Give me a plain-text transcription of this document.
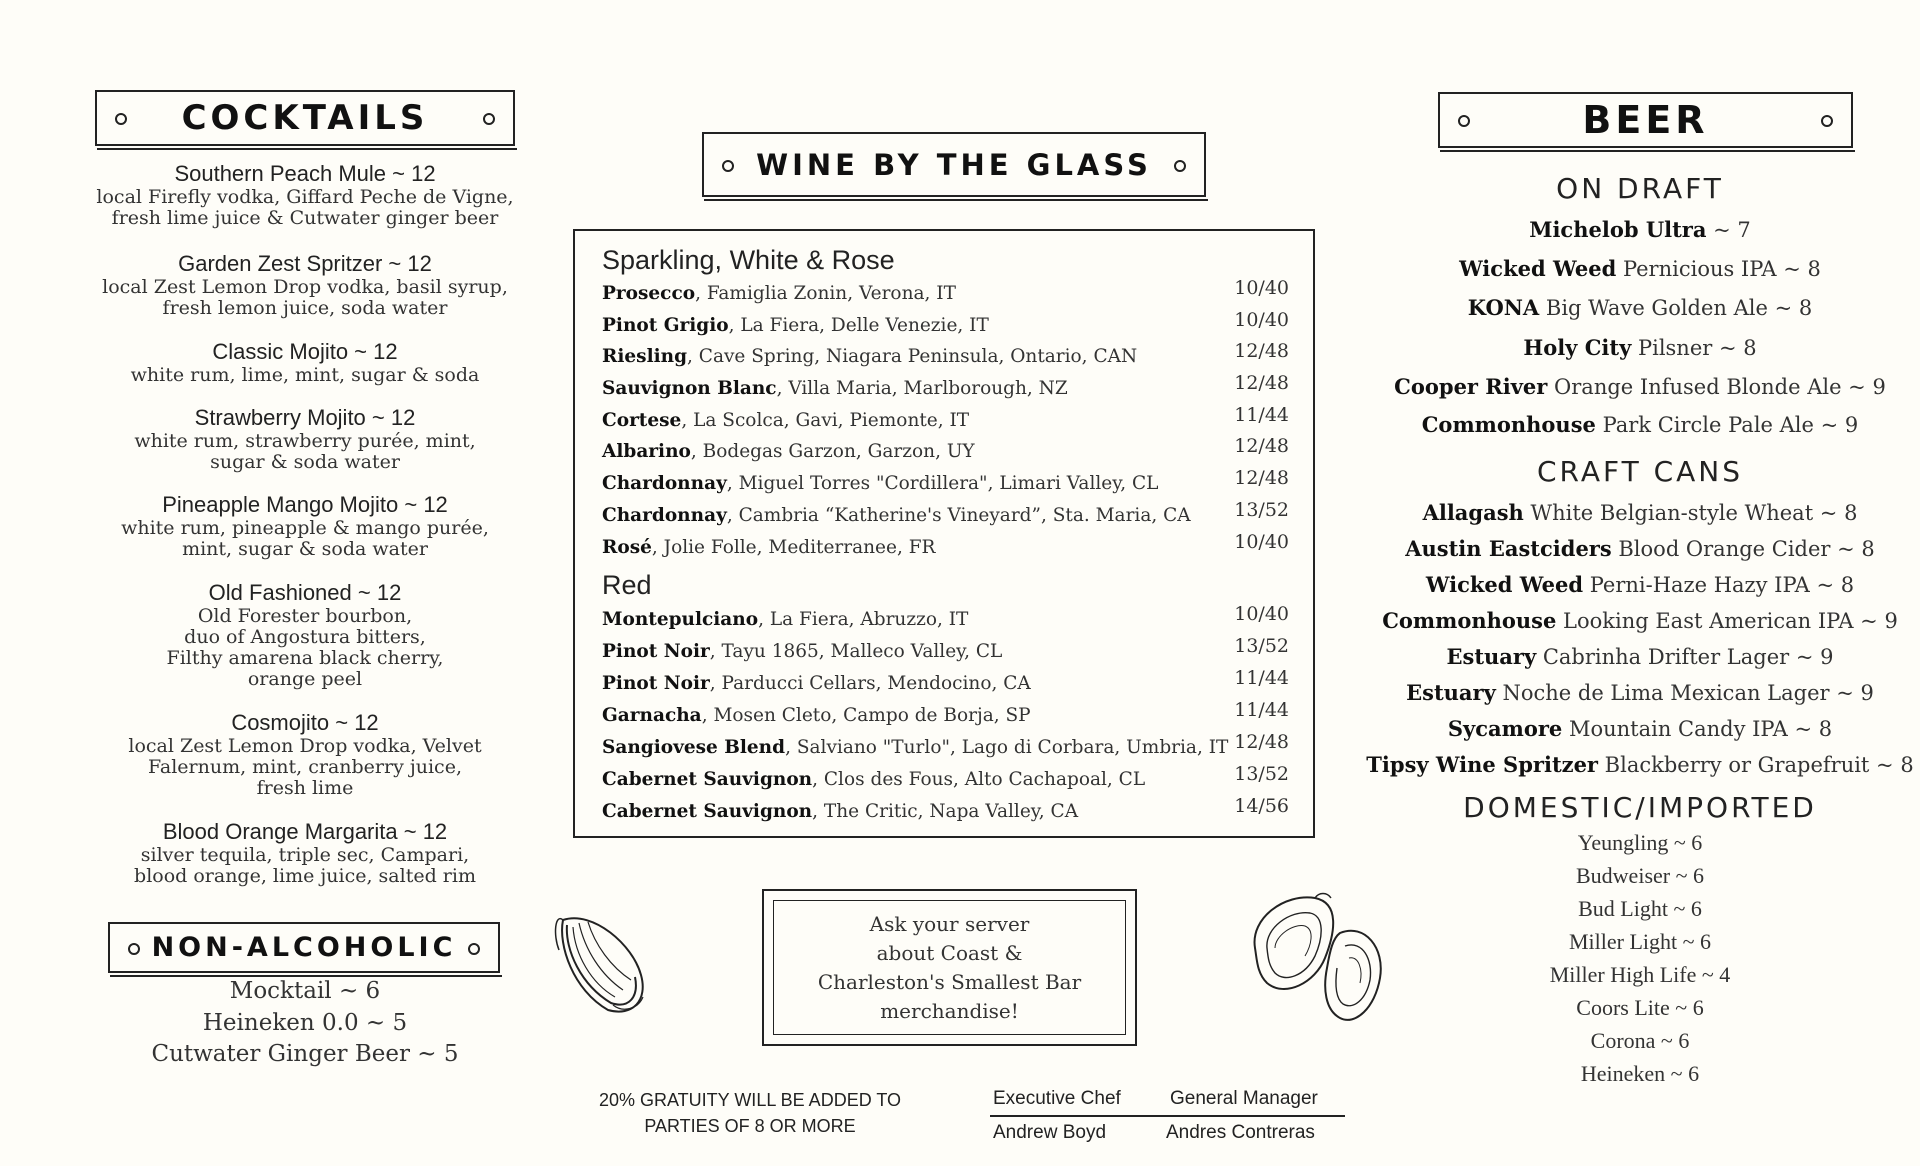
COCKTAILS
Southern Peach Mule ~ 12
local Firefly vodka, Giffard Peche de Vigne,
fresh lime juice & Cutwater ginger beer
Garden Zest Spritzer ~ 12
local Zest Lemon Drop vodka, basil syrup,
fresh lemon juice, soda water
Classic Mojito ~ 12
white rum, lime, mint, sugar & soda
Strawberry Mojito ~ 12
white rum, strawberry purée, mint,
sugar & soda water
Pineapple Mango Mojito ~ 12
white rum, pineapple & mango purée,
mint, sugar & soda water
Old Fashioned ~ 12
Old Forester bourbon,
duo of Angostura bitters,
Filthy amarena black cherry,
orange peel
Cosmojito ~ 12
local Zest Lemon Drop vodka, Velvet
Falernum, mint, cranberry juice,
fresh lime
Blood Orange Margarita ~ 12
silver tequila, triple sec, Campari,
blood orange, lime juice, salted rim
NON-ALCOHOLIC
Mocktail ~ 6
Heineken 0.0 ~ 5
Cutwater Ginger Beer ~ 5
WINE BY THE GLASS
Sparkling, White & Rose
Prosecco, Famiglia Zonin, Verona, IT	10/40
Pinot Grigio, La Fiera, Delle Venezie, IT	10/40
Riesling, Cave Spring, Niagara Peninsula, Ontario, CAN	12/48
Sauvignon Blanc, Villa Maria, Marlborough, NZ	12/48
Cortese, La Scolca, Gavi, Piemonte, IT	11/44
Albarino, Bodegas Garzon, Garzon, UY	12/48
Chardonnay, Miguel Torres "Cordillera", Limari Valley, CL	12/48
Chardonnay, Cambria “Katherine's Vineyard”, Sta. Maria, CA 13/52
Rosé, Jolie Folle, Mediterranee, FR	10/40
Red
Montepulciano, La Fiera, Abruzzo, IT	10/40
Pinot Noir, Tayu 1865, Malleco Valley, CL	13/52
Pinot Noir, Parducci Cellars, Mendocino, CA	11/44
Garnacha, Mosen Cleto, Campo de Borja, SP	11/44
Sangiovese Blend, Salviano "Turlo", Lago di Corbara, Umbria, IT 12/48
Cabernet Sauvignon, Clos des Fous, Alto Cachapoal, CL	13/52
Cabernet Sauvignon, The Critic, Napa Valley, CA	14/56
Ask your server
about Coast &
Charleston's Smallest Bar
merchandise!
20% GRATUITY WILL BE ADDED TO
PARTIES OF 8 OR MORE
Executive Chef	General Manager
Andrew Boyd	Andres Contreras
BEER
ON DRAFT
Michelob Ultra ~ 7
Wicked Weed Pernicious IPA ~ 8
KONA Big Wave Golden Ale ~ 8
Holy City Pilsner ~ 8
Cooper River Orange Infused Blonde Ale ~ 9
Commonhouse Park Circle Pale Ale ~ 9
CRAFT CANS
Allagash White Belgian-style Wheat ~ 8
Austin Eastciders Blood Orange Cider ~ 8
Wicked Weed Perni-Haze Hazy IPA ~ 8
Commonhouse Looking East American IPA ~ 9
Estuary Cabrinha Drifter Lager ~ 9
Estuary Noche de Lima Mexican Lager ~ 9
Sycamore Mountain Candy IPA ~ 8
Tipsy Wine Spritzer Blackberry or Grapefruit ~ 8
DOMESTIC/IMPORTED
Yeungling ~ 6
Budweiser ~ 6
Bud Light ~ 6
Miller Light ~ 6
Miller High Life ~ 4
Coors Lite ~ 6
Corona ~ 6
Heineken ~ 6
